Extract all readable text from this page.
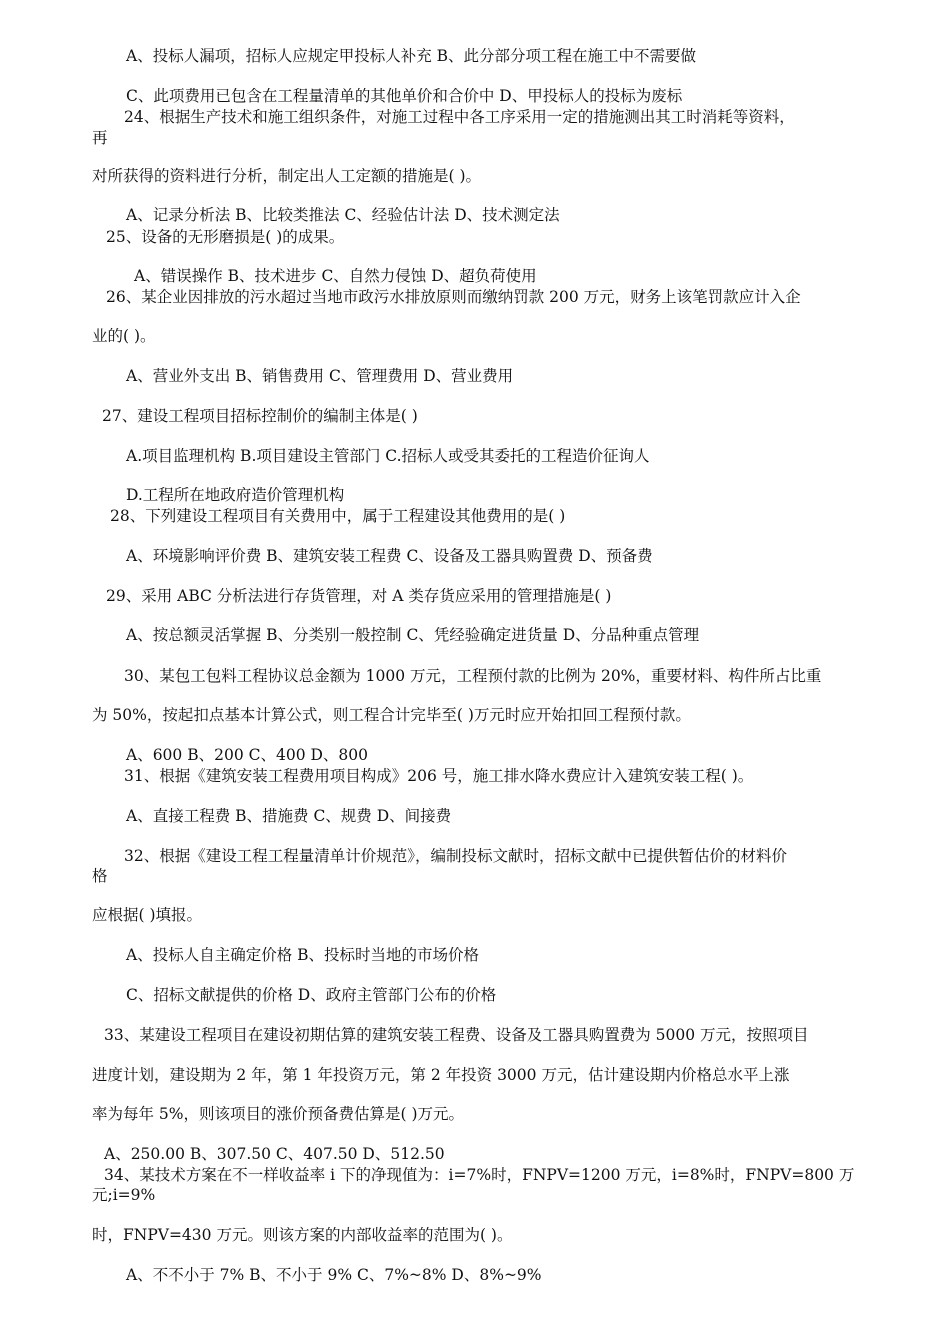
A、投标人漏项，招标人应规定甲投标人补充 B、此分部分项工程在施工中不需要做
C、此项费用已包含在工程量清单的其他单价和合价中 D、甲投标人的投标为废标
24、根据生产技术和施工组织条件，对施工过程中各工序采用一定的措施测出其工时消耗等资料，
再
对所获得的资料进行分析，制定出人工定额的措施是( )。
A、记录分析法 B、比较类推法 C、经验估计法 D、技术测定法
25、设备的无形磨损是( )的成果。
A、错误操作 B、技术进步 C、自然力侵蚀 D、超负荷使用
26、某企业因排放的污水超过当地市政污水排放原则而缴纳罚款 200 万元，财务上该笔罚款应计入企
业的( )。
A、营业外支出 B、销售费用 C、管理费用 D、营业费用
27、建设工程项目招标控制价的编制主体是( )
A.项目监理机构 B.项目建设主管部门 C.招标人或受其委托的工程造价征询人
D.工程所在地政府造价管理机构
28、下列建设工程项目有关费用中，属于工程建设其他费用的是( )
A、环境影响评价费 B、建筑安装工程费 C、设备及工器具购置费 D、预备费
29、采用 ABC 分析法进行存货管理，对 A 类存货应采用的管理措施是( )
A、按总额灵活掌握 B、分类别一般控制 C、凭经验确定进货量 D、分品种重点管理
30、某包工包料工程协议总金额为 1000 万元，工程预付款的比例为 20%，重要材料、构件所占比重
为 50%，按起扣点基本计算公式，则工程合计完毕至( )万元时应开始扣回工程预付款。
A、600 B、200 C、400 D、800
31、根据《建筑安装工程费用项目构成》206 号，施工排水降水费应计入建筑安装工程( )。
A、直接工程费 B、措施费 C、规费 D、间接费
32、根据《建设工程工程量清单计价规范》，编制投标文献时，招标文献中已提供暂估价的材料价
格
应根据( )填报。
A、投标人自主确定价格 B、投标时当地的市场价格
C、招标文献提供的价格 D、政府主管部门公布的价格
33、某建设工程项目在建设初期估算的建筑安装工程费、设备及工器具购置费为 5000 万元，按照项目
进度计划，建设期为 2 年，第 1 年投资万元，第 2 年投资 3000 万元，估计建设期内价格总水平上涨
率为每年 5%，则该项目的涨价预备费估算是( )万元。
A、250.00 B、307.50 C、407.50 D、512.50
34、某技术方案在不一样收益率 i 下的净现值为：i=7%时，FNPV=1200 万元，i=8%时，FNPV=800 万
元;i=9%
时，FNPV=430 万元。则该方案的内部收益率的范围为( )。
A、不不小于 7% B、不小于 9% C、7%~8% D、8%~9%
